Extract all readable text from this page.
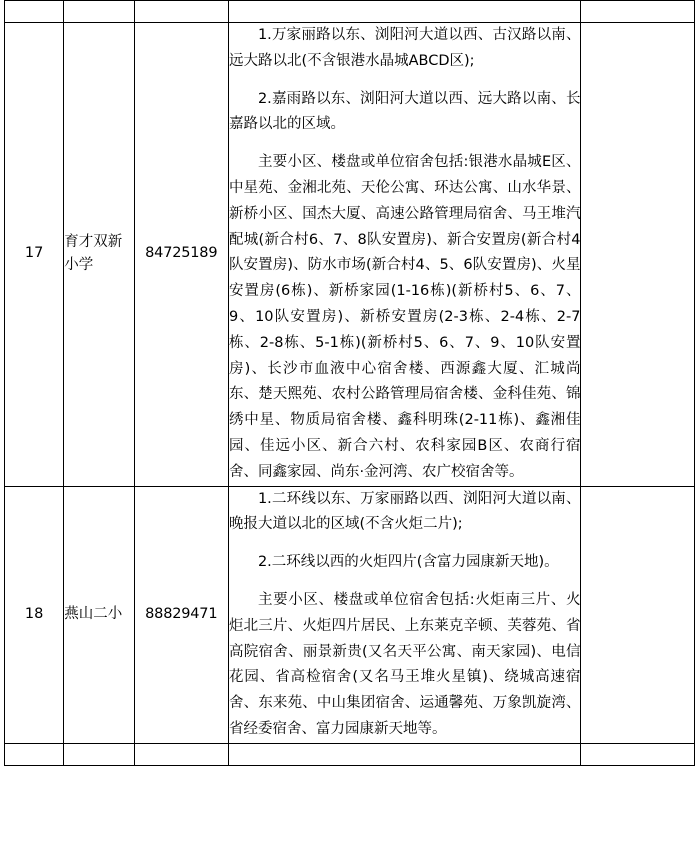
17	育才双新小学	84725189	1.万家丽路以东、浏阳河大道以西、古汉路以南、远大路以北(不含银港水晶城ABCD区);

2.嘉雨路以东、浏阳河大道以西、远大路以南、长嘉路以北的区域。

主要小区、楼盘或单位宿舍包括:银港水晶城E区、中星苑、金湘北苑、天伦公寓、环达公寓、山水华景、新桥小区、国杰大厦、高速公路管理局宿舍、马王堆汽配城(新合村6、7、8队安置房)、新合安置房(新合村4队安置房)、防水市场(新合村4、5、6队安置房)、火星安置房(6栋)、新桥家园(1-16栋)(新桥村5、6、7、9、10队安置房)、新桥安置房(2-3栋、2-4栋、2-7栋、2-8栋、5-1栋)(新桥村5、6、7、9、10队安置房)、长沙市血液中心宿舍楼、西源鑫大厦、汇城尚东、楚天熙苑、农村公路管理局宿舍楼、金科佳苑、锦绣中星、物质局宿舍楼、鑫科明珠(2-11栋)、鑫湘佳园、佳远小区、新合六村、农科家园B区、农商行宿舍、同鑫家园、尚东·金河湾、农广校宿舍等。	

18	燕山二小	88829471	1.二环线以东、万家丽路以西、浏阳河大道以南、晚报大道以北的区域(不含火炬二片);

2.二环线以西的火炬四片(含富力园康新天地)。

主要小区、楼盘或单位宿舍包括:火炬南三片、火炬北三片、火炬四片居民、上东莱克辛顿、芙蓉苑、省高院宿舍、丽景新贵(又名天平公寓、南天家园)、电信花园、省高检宿舍(又名马王堆火星镇)、绕城高速宿舍、东来苑、中山集团宿舍、运通馨苑、万象凯旋湾、省经委宿舍、富力园康新天地等。	
